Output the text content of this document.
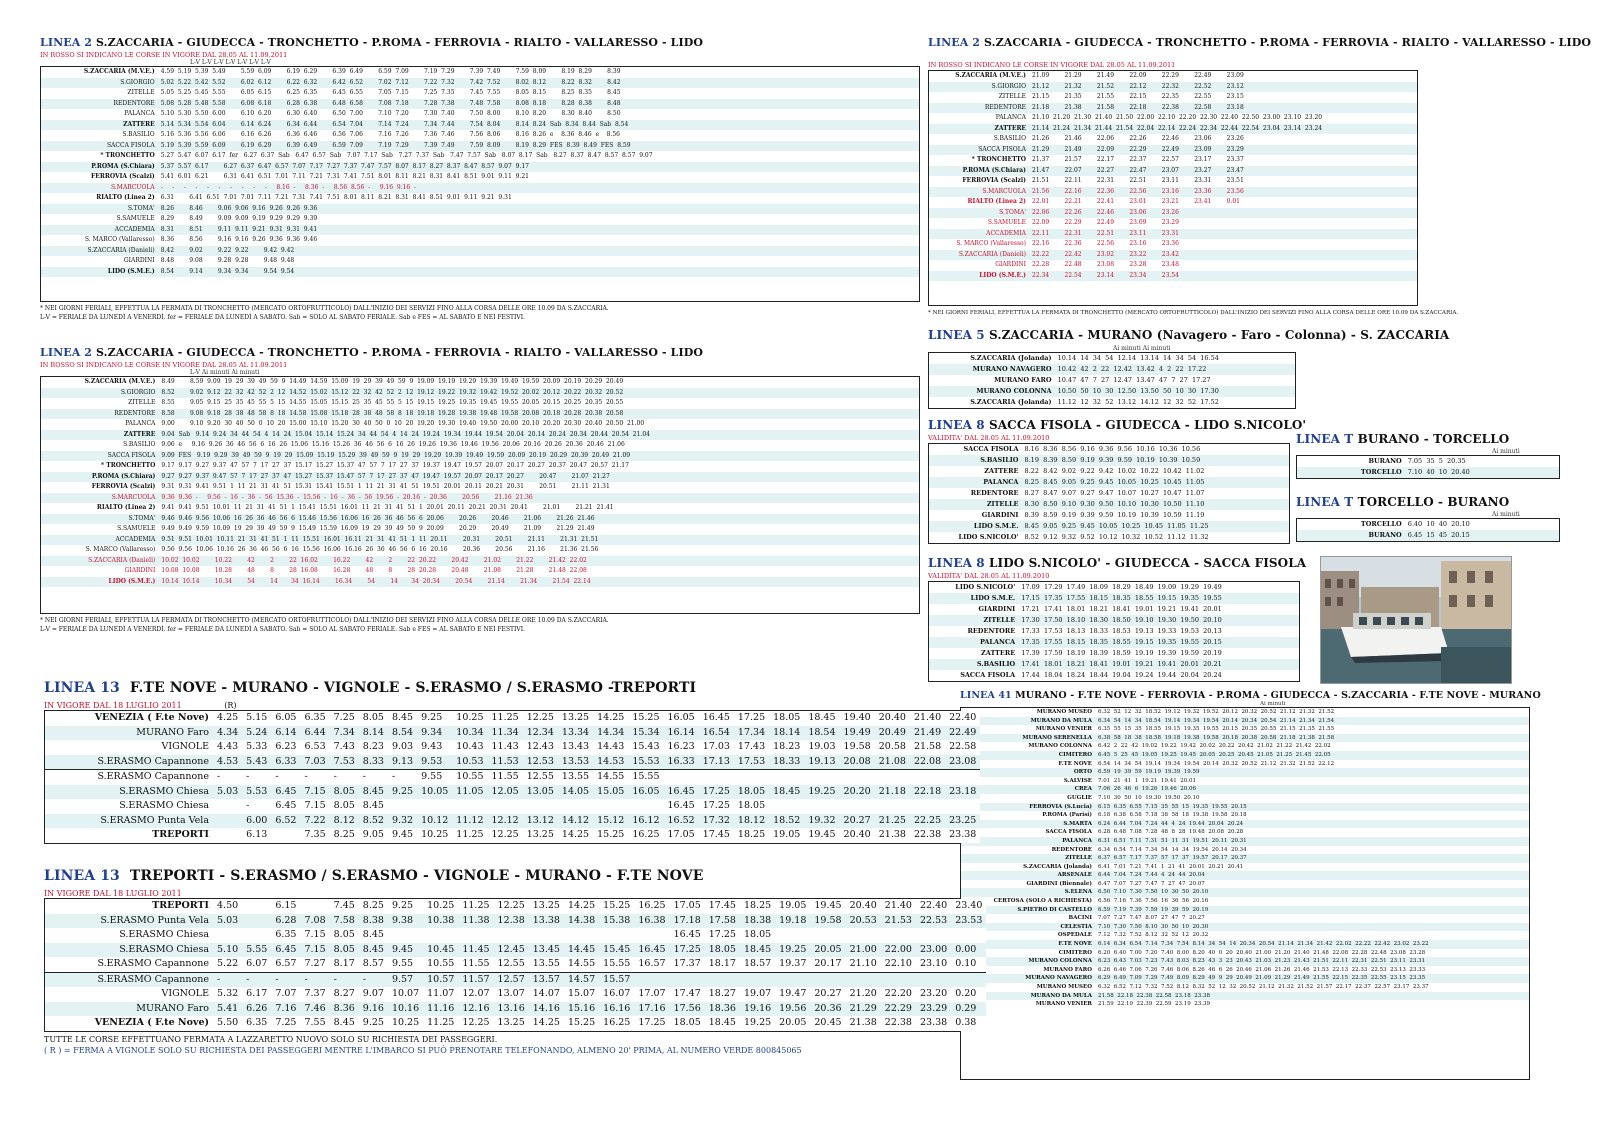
LINEA 2 S.ZACCARIA - GIUDECCA - TRONCHETTO - P.ROMA - FERROVIA - RIALTO - VALLARESSO - LIDO
IN ROSSO SI INDICANO LE CORSE IN VIGORE DAL 28.05 AL 11.09.2011
L-V L-V L-V L-V L-V L-V L-V
S.ZACCARIA (M.V.E.)	4.59  5.19  5.39  5.49        5.59  6.09        6.19  6.29        6.39  6.49        6.59  7.09        7.19  7.29        7.39  7.49        7.59  8.09        8.19  8.29        8.39
S.GIORGIO	5.02  5.22  5.42  5.52        6.02  6.12        6.22  6.32        6.42  6.52        7.02  7.12        7.22  7.32        7.42  7.52        8.02  8.12        8.22  8.32        8.42
ZITELLE	5.05  5.25  5.45  5.55        6.05  6.15        6.25  6.35        6.45  6.55        7.05  7.15        7.25  7.35        7.45  7.55        8.05  8.15        8.25  8.35        8.45
REDENTORE	5.08  5.28  5.48  5.58        6.08  6.18        6.28  6.38        6.48  6.58        7.08  7.18        7.28  7.38        7.48  7.58        8.08  8.18        8.28  8.38        8.48
PALANCA	5.10  5.30  5.50  6.00        6.10  6.20        6.30  6.40        6.50  7.00        7.10  7.20        7.30  7.40        7.50  8.00        8.10  8.20        8.30  8.40        8.50
ZATTERE	5.14  5.34  5.54  6.04        6.14  6.24        6.34  6.44        6.54  7.04        7.14  7.24        7.34  7.44        7.54  8.04        8.14  8.24  Sab  8.34  8.44  Sab  8.54
S.BASILIO	5.16  5.36  5.56  6.06        6.16  6.26        6.36  6.46        6.56  7.06        7.16  7.26        7.36  7.46        7.56  8.06        8.16  8.26  e    8.36  8.46  e    8.56
SACCA FISOLA	5.19  5.39  5.59  6.09        6.19  6.29        6.39  6.49        6.59  7.09        7.19  7.29        7.39  7.49        7.59  8.09        8.19  8.29  FES  8.39  8.49  FES  8.59
* TRONCHETTO	5.27  5.47  6.07  6.17  fer   6.27  6.37  Sab   6.47  6.57  Sab   7.07  7.17  Sab   7.27  7.37  Sab   7.47  7.57  Sab   8.07  8.17  Sab   8.27  8.37  8.47  8.57  8.57  9.07
P.ROMA (S.Chiara)	5.37  5.57  6.17        6.27  6.37  6.47  6.57  7.07  7.17  7.27  7.37  7.47  7.57  8.07  8.17  8.27  8.37  8.47  8.57  9.07  9.17
FERROVIA (Scalzi)	5.41  6.01  6.21        6.31  6.41  6.51  7.01  7.11  7.21  7.31  7.41  7.51  8.01  8.11  8.21  8.31  8.41  8.51  9.01  9.11  9.21
S.MARCUOLA	-     -     -     -     -     -     -     -     -     -     8.16  -     8.36  -     8.56  8.56  -     9.16  9.16  -
RIALTO (Linea 2)	6.31        6.41  6.51  7.01  7.01  7.11  7.21  7.31  7.41  7.51  8.01  8.11  8.21  8.31  8.41  8.51  9.01  9.11  9.21  9.31
S.TOMA'	8.26        8.46        9.06  9.06  9.16  9.26  9.26  9.36
S.SAMUELE	8.29        8.49        9.09  9.09  9.19  9.29  9.29  9.39
ACCADEMIA	8.31        8.51        9.11  9.11  9.21  9.31  9.31  9.41
S. MARCO (Vallaresso)	8.36        8.56        9.16  9.16  9.26  9.36  9.36  9.46
S.ZACCARIA (Danieli)	8.42        9.02        9.22  9.22        9.42  9.42
GIARDINI	8.48        9.08        9.28  9.28        9.48  9.48
LIDO (S.M.E.)	8.54        9.14        9.34  9.34        9.54  9.54
* NEI GIORNI FERIALI, EFFETTUA LA FERMATA DI TRONCHETTO (MERCATO ORTOFRUTTICOLO) DALL'INIZIO DEI SERVIZI FINO ALLA CORSA DELLE ORE 10.09 DA S.ZACCARIA.
L-V = FERIALE DA LUNEDÌ A VENERDÌ. fer = FERIALE DA LUNEDÌ A SABATO. Sab = SOLO AL SABATO FERIALE. Sab e FES = AL SABATO E NEI FESTIVI.
LINEA 2 S.ZACCARIA - GIUDECCA - TRONCHETTO - P.ROMA - FERROVIA - RIALTO - VALLARESSO - LIDO
IN ROSSO SI INDICANO LE CORSE IN VIGORE DAL 28.05 AL 11.09.2011
L-V Ai minuti Ai minuti
S.ZACCARIA (M.V.E.)	8.49        8.59  9.09  19  29  39  49  59  9  14.49  14.59  15.09  19  29  39  49  59  9  19.09  19.19  19.29  19.39  19.49  19.59  20.09  20.19  20.29  20.49
S.GIORGIO	8.52        9.02  9.12  22  32  42  52  2  12  14.52  15.02  15.12  22  32  42  52  2  12  19.12  19.22  19.32  19.42  19.52  20.02  20.12  20.22  20.32  20.52
ZITELLE	8.55        9.05  9.15  25  35  45  55  5  15  14.55  15.05  15.15  25  35  45  55  5  15  19.15  19.25  19.35  19.45  19.55  20.05  20.15  20.25  20.35  20.55
REDENTORE	8.58        9.08  9.18  28  38  48  58  8  18  14.58  15.08  15.18  28  38  48  58  8  18  19.18  19.28  19.38  19.48  19.58  20.08  20.18  20.28  20.38  20.58
PALANCA	9.00        9.10  9.20  30  40  50  0  10  20  15.00  15.10  15.20  30  40  50  0  10  20  19.20  19.30  19.40  19.50  20.00  20.10  20.20  20.30  20.40  20.50  21.00
ZATTERE	9.04  Sab   9.14  9.24  34  44  54  4  14  24  15.04  15.14  15.24  34  44  54  4  14  24  19.24  19.34  19.44  19.54  20.04  20.14  20.24  20.34  20.44  20.54  21.04
S.BASILIO	9.06  e     9.16  9.26  36  46  56  6  16  26  15.06  15.16  15.26  36  46  56  6  16  26  19.26  19.36  19.46  19.56  20.06  20.16  20.26  20.36  20.46  21.06
SACCA FISOLA	9.09  FES   9.19  9.29  39  49  59  9  19  29  15.09  15.19  15.29  39  49  59  9  19  29  19.29  19.39  19.49  19.59  20.09  20.19  20.29  20.39  20.49  21.09
* TRONCHETTO	9.17  9.17  9.27  9.37  47  57  7  17  27  37  15.17  15.27  15.37  47  57  7  17  27  37  19.37  19.47  19.57  20.07  20.17  20.27  20.37  20.47  20.57  21.17
P.ROMA (S.Chiara)	9.27  9.27  9.37  9.47  57  7  17  27  37  47  15.27  15.37  15.47  57  7  17  27  37  47  19.47  19.57  20.07  20.17  20.27        20.47        21.07  21.27
FERROVIA (Scalzi)	9.31  9.31  9.41  9.51  1  11  21  31  41  51  15.31  15.41  15.51  1  11  21  31  41  51  19.51  20.01  20.11  20.21  20.31        20.51        21.11  21.31
S.MARCUOLA	9.36  9.36  -     9.56  -  16  -  36  -  56  15.36  -  15.56  -  16  -  36  -  56  19.56  -  20.16  -  20.36        20.56        21.16  21.36
RIALTO (Linea 2)	9.41  9.41  9.51  10.01  11  21  31  41  51  1  15.41  15.51  16.01  11  21  31  41  51  1  20.01  20.11  20.21  20.31  20.41        21.01        21.21  21.41
S.TOMA'	9.46  9.46  9.56  10.06  16  26  36  46  56  6  15.46  15.56  16.06  16  26  36  46  56  6  20.06        20.26        20.46        21.06        21.26  21.46
S.SAMUELE	9.49  9.49  9.59  10.09  19  29  39  49  59  9  15.49  15.59  16.09  19  29  39  49  59  9  20.09        20.29        20.49        21.09        21.29  21.49
ACCADEMIA	9.51  9.51  10.01  10.11  21  31  41  51  1  11  15.51  16.01  16.11  21  31  41  51  1  11  20.11        20.31        20.51        21.11        21.31  21.51
S. MARCO (Vallaresso)	9.56  9.56  10.06  10.16  26  36  46  56  6  16  15.56  16.06  16.16  26  36  46  56  6  16  20.16        20.36        20.56        21.16        21.36  21.56
S.ZACCARIA (Danieli)	10.02  10.02        10.22        42        2        22  16.02        16.22        42        2        22  20.22        20.42        21.02        21.22        21.42  22.02
GIARDINI	10.08  10.08        10.28        48        8        28  16.08        16.28        48        8        28  20.28        20.48        21.08        21.28        21.48  22.08
LIDO (S.M.E.)	10.14  10.14        10.34        54        14       34  16.14        16.34        54        14       34  20.34        20.54        21.14        21.34        21.54  22.14
* NEI GIORNI FERIALI, EFFETTUA LA FERMATA DI TRONCHETTO (MERCATO ORTOFRUTTICOLO) DALL'INIZIO DEI SERVIZI FINO ALLA CORSA DELLE ORE 10.09 DA S.ZACCARIA.
L-V = FERIALE DA LUNEDÌ A VENERDÌ. fer = FERIALE DA LUNEDÌ A SABATO. Sab = SOLO AL SABATO FERIALE. Sab e FES = AL SABATO E NEI FESTIVI.
LINEA 2 S.ZACCARIA - GIUDECCA - TRONCHETTO - P.ROMA - FERROVIA - RIALTO - VALLARESSO - LIDO
IN ROSSO SI INDICANO LE CORSE IN VIGORE DAL 28.05 AL 11.09.2011
S.ZACCARIA (M.V.E.)	21.09        21.29        21.49        22.09        22.29        22.49        23.09
S.GIORGIO	21.12        21.32        21.52        22.12        22.32        22.52        23.12
ZITELLE	21.15        21.35        21.55        22.15        22.35        22.55        23.15
REDENTORE	21.18        21.38        21.58        22.18        22.38        22.58        23.18
PALANCA	21.10  21.20  21.30  21.40  21.50  22.00  22.10  22.20  22.30  22.40  22.50  23.00  23.10  23.20
ZATTERE	21.14  21.24  21.34  21.44  21.54  22.04  22.14  22.24  22.34  22.44  22.54  23.04  23.14  23.24
S.BASILIO	21.26        21.46        22.06        22.26        22.46        23.06        23.26
SACCA FISOLA	21.29        21.49        22.09        22.29        22.49        23.09        23.29
* TRONCHETTO	21.37        21.57        22.17        22.37        22.57        23.17        23.37
P.ROMA (S.Chiara)	21.47        22.07        22.27        22.47        23.07        23.27        23.47
FERROVIA (Scalzi)	21.51        22.11        22.31        22.51        23.11        23.31        23.51
S.MARCUOLA	21.56        22.16        22.36        22.56        23.16        23.36        23.56
RIALTO (Linea 2)	22.01        22.21        22.41        23.01        23.21        23.41        0.01
S.TOMA'	22.06        22.26        22.46        23.06        23.26
S.SAMUELE	22.09        22.29        22.49        23.09        23.29
ACCADEMIA	22.11        22.31        22.51        23.11        23.31
S. MARCO (Vallaresso)	22.16        22.36        22.56        23.16        23.36
S.ZACCARIA (Danieli)	22.22        22.42        23.02        23.22        23.42
GIARDINI	22.28        22.48        23.08        23.28        23.48
LIDO (S.M.E.)	22.34        22.54        23.14        23.34        23.54
* NEI GIORNI FERIALI, EFFETTUA LA FERMATA DI TRONCHETTO (MERCATO ORTOFRUTTICOLO) DALL'INIZIO DEI SERVIZI FINO ALLA CORSA DELLE ORE 10.09 DA S.ZACCARIA.
LINEA 5 S.ZACCARIA - MURANO (Navagero - Faro - Colonna) - S. ZACCARIA
Ai minuti Ai minuti
S.ZACCARIA (Jolanda)	10.14  14  34  54  12.14  13.14  14  34  54  16.54
MURANO NAVAGERO	10.42  42  2  22  12.42  13.42  4  2  22  17.22
MURANO FARO	10.47  47  7  27  12.47  13.47  47  7  27  17.27
MURANO COLONNA	10.50  50  10  30  12.50  13.50  50  10  30  17.30
S.ZACCARIA (Jolanda)	11.12  12  32  52  13.12  14.12  12  32  52  17.52
LINEA 8 SACCA FISOLA - GIUDECCA - LIDO S.NICOLO'
VALIDITA' DAL 28.05 AL 11.09.2010
SACCA FISOLA	8.16  8.36  8.56  9.16  9.36  9.56  10.16  10.36  10.56
S.BASILIO	8.19  8.39  8.59  9.19  9.39  9.59  10.19  10.39  10.59
ZATTERE	8.22  8.42  9.02  9.22  9.42  10.02  10.22  10.42  11.02
PALANCA	8.25  8.45  9.05  9.25  9.45  10.05  10.25  10.45  11.05
REDENTORE	8.27  8.47  9.07  9.27  9.47  10.07  10.27  10.47  11.07
ZITELLE	8.30  8.50  9.10  9.30  9.50  10.10  10.30  10.50  11.10
GIARDINI	8.39  8.59  9.19  9.39  9.59  10.19  10.39  10.59  11.19
LIDO S.M.E.	8.45  9.05  9.25  9.45  10.05  10.25  10.45  11.05  11.25
LIDO S.NICOLO'	8.52  9.12  9.32  9.52  10.12  10.32  10.52  11.12  11.32
LINEA 8 LIDO S.NICOLO' - GIUDECCA - SACCA FISOLA
VALIDITA' DAL 28.05 AL 11.09.2010
LIDO S.NICOLO'	17.09  17.29  17.49  18.09  18.29  18.49  19.09  19.29  19.49
LIDO S.M.E.	17.15  17.35  17.55  18.15  18.35  18.55  19.15  19.35  19.55
GIARDINI	17.21  17.41  18.01  18.21  18.41  19.01  19.21  19.41  20.01
ZITELLE	17.30  17.50  18.10  18.30  18.50  19.10  19.30  19.50  20.10
REDENTORE	17.33  17.53  18.13  18.33  18.53  19.13  19.33  19.53  20.13
PALANCA	17.35  17.55  18.15  18.35  18.55  19.15  19.35  19.55  20.15
ZATTERE	17.39  17.59  18.19  18.39  18.59  19.19  19.39  19.59  20.19
S.BASILIO	17.41  18.01  18.21  18.41  19.01  19.21  19.41  20.01  20.21
SACCA FISOLA	17.44  18.04  18.24  18.44  19.04  19.24  19.44  20.04  20.24
LINEA T BURANO - TORCELLO
Ai minuti
BURANO	7.05  35  5  20.35
TORCELLO	7.10  40  10  20.40
LINEA T TORCELLO - BURANO
Ai minuti
TORCELLO	6.40  10  40  20.10
BURANO	6.45  15  45  20.15
LINEA 41 MURANO - F.TE NOVE - FERROVIA - P.ROMA - GIUDECCA - S.ZACCARIA - F.TE NOVE - MURANO
Ai minuti
MURANO MUSEO	6.32  52  12  32  18.52  19.12  19.32  19.52  20.12  20.32  20.52  21.12  21.32  21.52
MURANO DA MULA	6.34  54  14  34  18.54  19.14  19.34  19.54  20.14  20.34  20.54  21.14  21.34  21.54
MURANO VENIER	6.35  55  15  35  18.55  19.15  19.35  19.55  20.15  20.35  20.55  21.15  21.35  21.55
MURANO SERENELLA	6.38  58  18  38  18.58  19.18  19.38  19.58  20.18  20.38  20.58  21.18  21.38  21.58
MURANO COLONNA	6.42  2  22  42  19.02  19.22  19.42  20.02  20.22  20.42  21.02  21.22  21.42  22.02
CIMITERO	6.45  5  25  45  19.05  19.25  19.45  20.05  20.25  20.45  21.05  21.25  21.45  22.05
F.TE NOVE	6.54  14  34  54  19.14  19.34  19.54  20.14  20.32  20.52  21.12  21.32  21.52  22.12
ORTO	6.59  19  39  59  19.19  19.39  19.59
S.ALVISE	7.01  21  41  1  19.21  19.41  20.01
CREA	7.06  26  46  6  19.26  19.46  20.06
GUGLIE	7.10  30  50  10  19.30  19.50  20.10
FERROVIA (S.Lucia)	6.15  6.35  6.55  7.15  35  55  15  19.35  19.55  20.15
P.ROMA (Parisi)	6.18  6.38  6.58  7.18  38  58  18  19.38  19.58  20.18
S.MARTA	6.24  6.44  7.04  7.24  44  4  24  19.44  20.04  20.24
SACCA FISOLA	6.28  6.48  7.08  7.28  48  8  28  19.48  20.08  20.28
PALANCA	6.31  6.51  7.11  7.31  51  11  31  19.51  20.11  20.31
REDENTORE	6.34  6.54  7.14  7.34  54  14  34  19.54  20.14  20.34
ZITELLE	6.37  6.57  7.17  7.37  57  17  37  19.57  20.17  20.37
S.ZACCARIA (Jolanda)	6.41  7.01  7.21  7.41  1  21  41  20.01  20.21  20.41
ARSENALE	6.44  7.04  7.24  7.44  4  24  44  20.04
GIARDINI (Biennale)	6.47  7.07  7.27  7.47  7  27  47  20.07
S.ELENA	6.50  7.10  7.30  7.50  10  30  50  20.10
CERTOSA (SOLO A RICHIESTA)	6.56  7.16  7.36  7.56  16  36  56  20.16
S.PIETRO DI CASTELLO	6.59  7.19  7.39  7.59  19  39  59  20.19
BACINI	7.07  7.27  7.47  8.07  27  47  7  20.27
CELESTIA	7.10  7.30  7.50  8.10  30  50  10  20.30
OSPEDALE	7.12  7.32  7.52  8.12  32  52  12  20.32
F.TE NOVE	6.14  6.34  6.54  7.14  7.34  7.54  8.14  34  54  14  20.34  20.54  21.14  21.34  21.42  22.02  22.22  22.42  23.02  23.22
CIMITERO	6.20  6.40  7.00  7.20  7.40  8.00  8.20  40  0  20  20.40  21.00  21.20  21.40  21.48  22.08  22.28  22.48  23.08  23.28
MURANO COLONNA	6.23  6.43  7.03  7.23  7.43  8.03  8.23  43  3  23  20.43  21.03  21.23  21.43  21.51  22.11  22.31  22.51  23.11  23.31
MURANO FARO	6.26  6.46  7.06  7.26  7.46  8.06  8.26  46  6  26  20.46  21.06  21.26  21.46  21.53  22.13  22.33  22.53  23.13  23.33
MURANO NAVAGERO	6.29  6.49  7.09  7.29  7.49  8.09  8.29  49  9  29  20.49  21.09  21.29  21.49  21.55  22.15  22.35  22.55  23.15  23.35
MURANO MUSEO	6.32  6.52  7.12  7.32  7.52  8.12  8.32  52  12  32  20.52  21.12  21.32  21.52  21.57  22.17  22.37  22.57  23.17  23.37
MURANO DA MULA	21.58  22.18  22.38  22.58  23.18  23.38
MURANO VENIER	21.59  22.19  22.39  22.59  23.19  23.39
LINEA 13 F.TE NOVE - MURANO - VIGNOLE - S.ERASMO / S.ERASMO -TREPORTI
IN VIGORE DAL 18 LUGLIO 2011	(R)
VENEZIA ( F.te Nove)	4.25	5.15	6.05	6.35	7.25	8.05	8.45	9.25	10.25	11.25	12.25	13.25	14.25	15.25	16.05	16.45	17.25	18.05	18.45	19.40	20.40	21.40	22.40
MURANO Faro	4.34	5.24	6.14	6.44	7.34	8.14	8.54	9.34	10.34	11.34	12.34	13.34	14.34	15.34	16.14	16.54	17.34	18.14	18.54	19.49	20.49	21.49	22.49
VIGNOLE	4.43	5.33	6.23	6.53	7.43	8.23	9.03	9.43	10.43	11.43	12.43	13.43	14.43	15.43	16.23	17.03	17.43	18.23	19.03	19.58	20.58	21.58	22.58
S.ERASMO Capannone	4.53	5.43	6.33	7.03	7.53	8.33	9.13	9.53	10.53	11.53	12.53	13.53	14.53	15.53	16.33	17.13	17.53	18.33	19.13	20.08	21.08	22.08	23.08
S.ERASMO Capannone	-	-	-	-	-	-	-	9.55	10.55	11.55	12.55	13.55	14.55	15.55									
S.ERASMO Chiesa	5.03	5.53	6.45	7.15	8.05	8.45	9.25	10.05	11.05	12.05	13.05	14.05	15.05	16.05	16.45	17.25	18.05	18.45	19.25	20.20	21.18	22.18	23.18
S.ERASMO Chiesa		-	6.45	7.15	8.05	8.45									16.45	17.25	18.05						
S.ERASMO Punta Vela		6.00	6.52	7.22	8.12	8.52	9.32	10.12	11.12	12.12	13.12	14.12	15.12	16.12	16.52	17.32	18.12	18.52	19.32	20.27	21.25	22.25	23.25
TREPORTI		6.13		7.35	8.25	9.05	9.45	10.25	11.25	12.25	13.25	14.25	15.25	16.25	17.05	17.45	18.25	19.05	19.45	20.40	21.38	22.38	23.38
LINEA 13 TREPORTI - S.ERASMO / S.ERASMO - VIGNOLE - MURANO - F.TE NOVE
IN VIGORE DAL 18 LUGLIO 2011
TREPORTI	4.50		6.15		7.45	8.25	9.25	10.25	11.25	12.25	13.25	14.25	15.25	16.25	17.05	17.45	18.25	19.05	19.45	20.40	21.40	22.40	23.40
S.ERASMO Punta Vela	5.03		6.28	7.08	7.58	8.38	9.38	10.38	11.38	12.38	13.38	14.38	15.38	16.38	17.18	17.58	18.38	19.18	19.58	20.53	21.53	22.53	23.53
S.ERASMO Chiesa			6.35	7.15	8.05	8.45									16.45	17.25	18.05						
S.ERASMO Chiesa	5.10	5.55	6.45	7.15	8.05	8.45	9.45	10.45	11.45	12.45	13.45	14.45	15.45	16.45	17.25	18.05	18.45	19.25	20.05	21.00	22.00	23.00	0.00
S.ERASMO Capannone	5.22	6.07	6.57	7.27	8.17	8.57	9.55	10.55	11.55	12.55	13.55	14.55	15.55	16.57	17.37	18.17	18.57	19.37	20.17	21.10	22.10	23.10	0.10
S.ERASMO Capannone	-	-	-	-	-	-	9.57	10.57	11.57	12.57	13.57	14.57	15.57										
VIGNOLE	5.32	6.17	7.07	7.37	8.27	9.07	10.07	11.07	12.07	13.07	14.07	15.07	16.07	17.07	17.47	18.27	19.07	19.47	20.27	21.20	22.20	23.20	0.20
MURANO Faro	5.41	6.26	7.16	7.46	8.36	9.16	10.16	11.16	12.16	13.16	14.16	15.16	16.16	17.16	17.56	18.36	19.16	19.56	20.36	21.29	22.29	23.29	0.29
VENEZIA ( F.te Nove)	5.50	6.35	7.25	7.55	8.45	9.25	10.25	11.25	12.25	13.25	14.25	15.25	16.25	17.25	18.05	18.45	19.25	20.05	20.45	21.38	22.38	23.38	0.38
TUTTE LE CORSE EFFETTUANO FERMATA A LAZZARETTO NUOVO SOLO SU RICHIESTA DEI PASSEGGERI.
( R ) = FERMA A VIGNOLE SOLO SU RICHIESTA DEI PASSEGGERI MENTRE L'IMBARCO SI PUÒ PRENOTARE TELEFONANDO, ALMENO 20' PRIMA, AL NUMERO VERDE 800845065
